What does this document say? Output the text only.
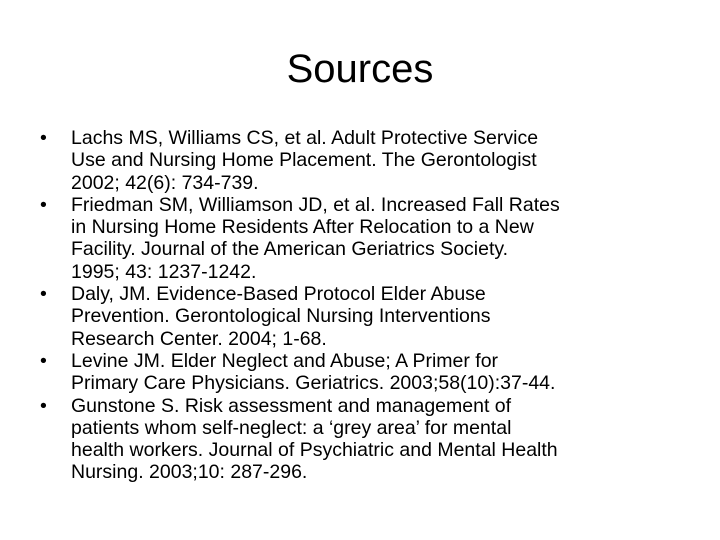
Sources
•	Lachs MS, Williams CS, et al. Adult Protective Service
Use and Nursing Home Placement. The Gerontologist
2002; 42(6): 734-739.
•	Friedman SM, Williamson JD, et al. Increased Fall Rates
in Nursing Home Residents After Relocation to a New
Facility. Journal of the American Geriatrics Society.
1995; 43: 1237-1242.
•	Daly, JM. Evidence-Based Protocol Elder Abuse
Prevention. Gerontological Nursing Interventions
Research Center. 2004; 1-68.
•	Levine JM. Elder Neglect and Abuse; A Primer for
Primary Care Physicians. Geriatrics. 2003;58(10):37-44.
•	Gunstone S. Risk assessment and management of
patients whom self-neglect: a ‘grey area’ for mental
health workers. Journal of Psychiatric and Mental Health
Nursing. 2003;10: 287-296.
